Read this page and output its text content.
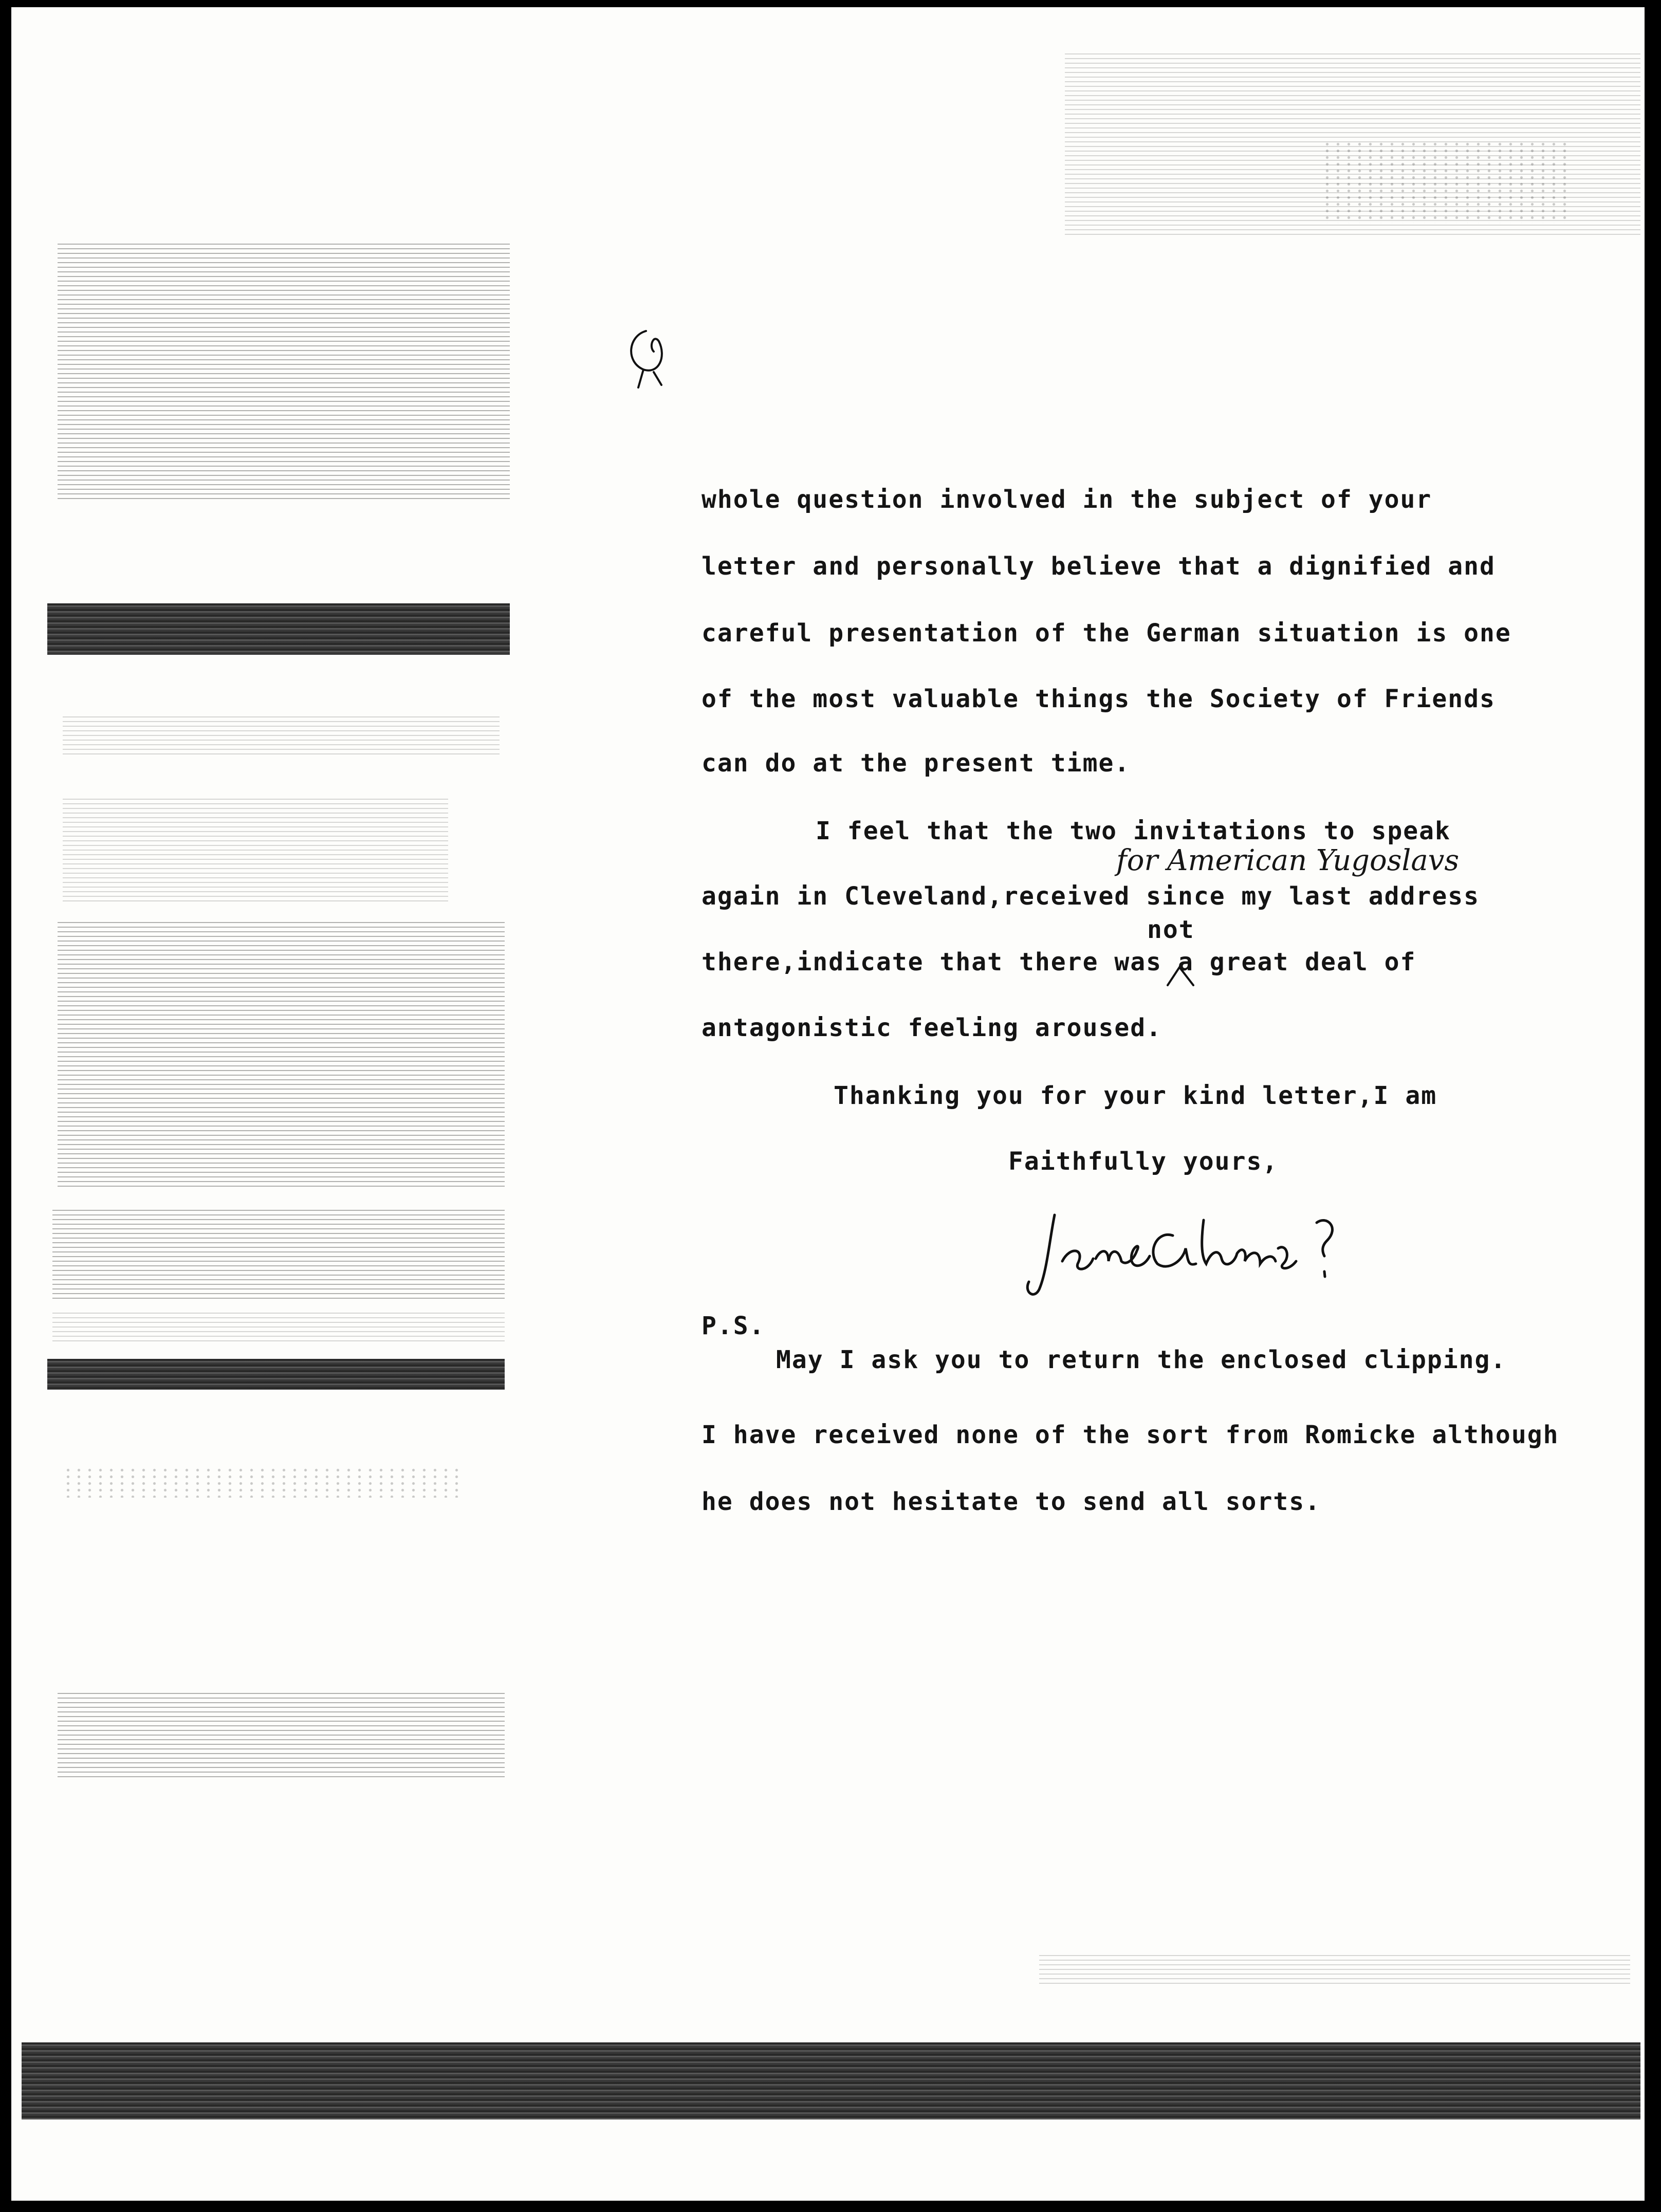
whole question involved in the subject of your
letter and personally believe that a dignified and
careful presentation of the German situation is one
of the most valuable things the Society of Friends
can do at the present time.
I feel that the two invitations to speak
for American Yugoslavs
again in Cleveland,received since my last address
not
there,indicate that there was a great deal of
antagonistic feeling aroused.
Thanking you for your kind letter,I am
Faithfully yours,
P.S.
May I ask you to return the enclosed clipping.
I have received none of the sort from Romicke although
he does not hesitate to send all sorts.
